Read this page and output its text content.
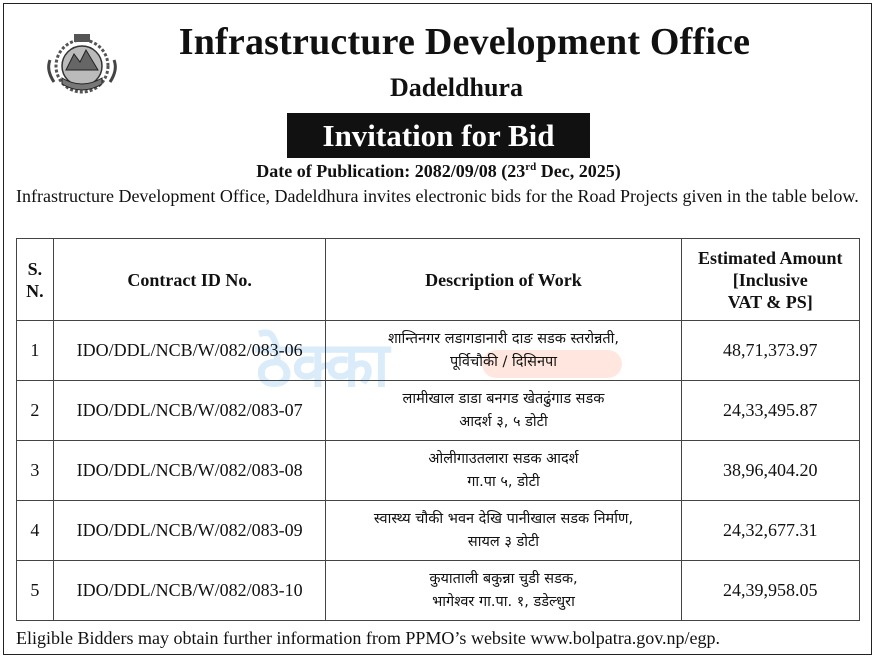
Infrastructure Development Office
Dadeldhura
Invitation for Bid
Date of Publication: 2082/09/08 (23rd Dec, 2025)
Infrastructure Development Office, Dadeldhura invites electronic bids for the Road Projects given in the table below.
ठेक्का
S.
N.	Contract ID No.	Description of Work	Estimated Amount
[Inclusive
VAT & PS]
1	IDO/DDL/NCB/W/082/083-06	शान्तिनगर लडागडानारी दाङ सडक स्तरोन्नती,
पूर्विचौकी / दिसिनपा	48,71,373.97
2	IDO/DDL/NCB/W/082/083-07	लामीखाल डाडा बनगड खेतढुंगाड सडक
आदर्श ३, ५ डोटी	24,33,495.87
3	IDO/DDL/NCB/W/082/083-08	ओलीगाउतलारा सडक आदर्श
गा.पा ५, डोटी	38,96,404.20
4	IDO/DDL/NCB/W/082/083-09	स्वास्थ्य चौकी भवन देखि पानीखाल सडक निर्माण,
सायल ३ डोटी	24,32,677.31
5	IDO/DDL/NCB/W/082/083-10	कुयाताली बकुन्ना चुडी सडक,
भागेश्वर गा.पा. १, डडेल्धुरा	24,39,958.05
Eligible Bidders may obtain further information from PPMO’s website www.bolpatra.gov.np/egp.
